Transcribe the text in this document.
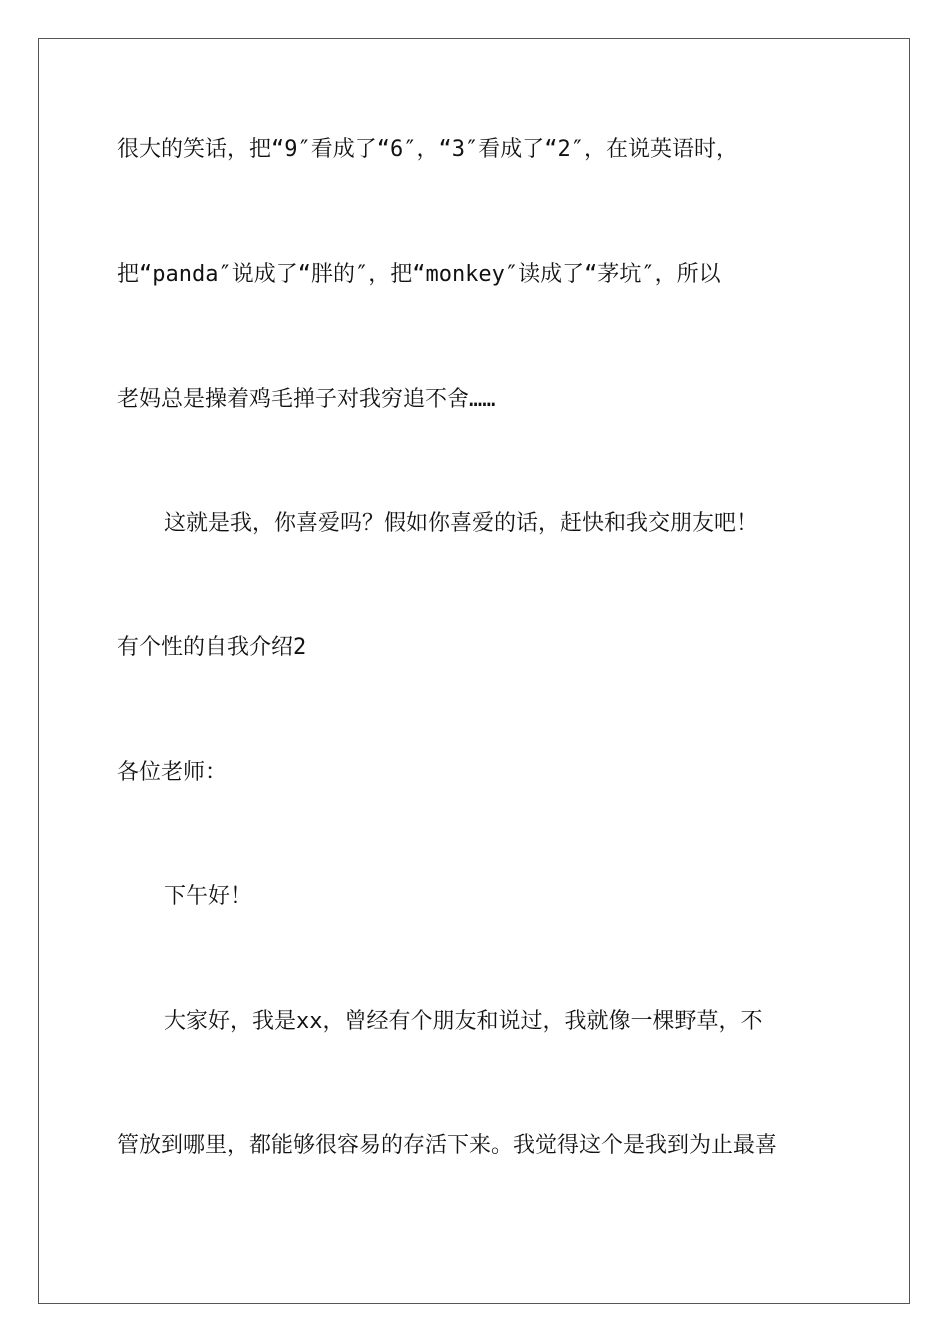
很大的笑话，把“9″看成了“6″，“3″看成了“2″，在说英语时，
把“panda″说成了“胖的″，把“monkey″读成了“茅坑″，所以
老妈总是操着鸡毛掸子对我穷追不舍……
这就是我，你喜爱吗？假如你喜爱的话，赶快和我交朋友吧！
有个性的自我介绍2
各位老师：
下午好！
大家好，我是xx，曾经有个朋友和说过，我就像一棵野草，不
管放到哪里，都能够很容易的存活下来。我觉得这个是我到为止最喜
